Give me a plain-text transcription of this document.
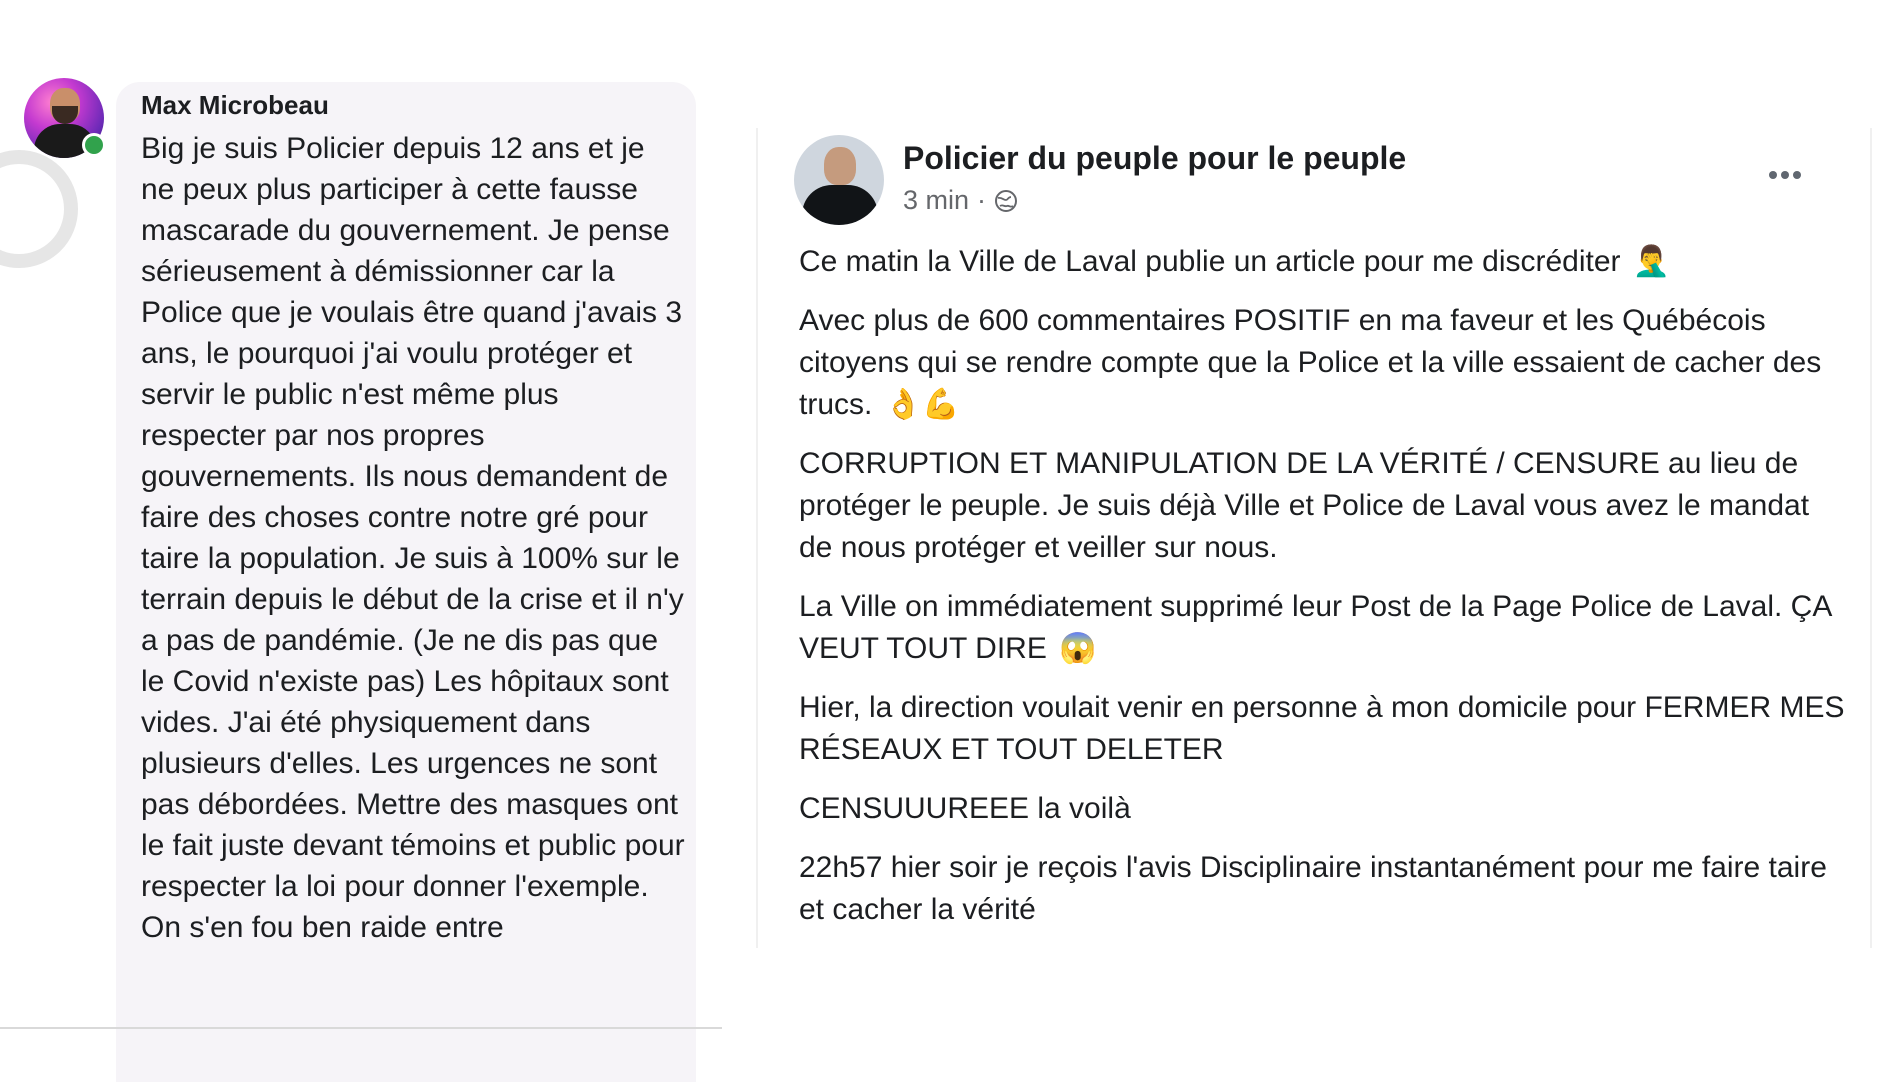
Max Microbeau
Big je suis Policier depuis 12 ans et je ne peux plus participer à cette fausse mascarade du gouvernement. Je pense sérieusement à démissionner car la Police que je voulais être quand j'avais 3 ans, le pourquoi j'ai voulu protéger et servir le public n'est même plus respecter par nos propres gouvernements. Ils nous demandent de faire des choses contre notre gré pour taire la population. Je suis à 100% sur le terrain depuis le début de la crise et il n'y a pas de pandémie. (Je ne dis pas que le Covid n'existe pas) Les hôpitaux sont vides. J'ai été physiquement dans plusieurs d'elles. Les urgences ne sont pas débordées. Mettre des masques ont le fait juste devant témoins et public pour respecter la loi pour donner l'exemple. On s'en fou ben raide entre
Policier du peuple pour le peuple
3 min ·

Ce matin la Ville de Laval publie un article pour me discréditer 🤦‍♂️

Avec plus de 600 commentaires POSITIF en ma faveur et les Québécois citoyens qui se rendre compte que la Police et la ville essaient de cacher des trucs. 👌💪

CORRUPTION ET MANIPULATION DE LA VÉRITÉ / CENSURE au lieu de protéger le peuple. Je suis déjà Ville et Police de Laval vous avez le mandat de nous protéger et veiller sur nous.

La Ville on immédiatement supprimé leur Post de la Page Police de Laval. ÇA VEUT TOUT DIRE 😱

Hier, la direction voulait venir en personne à mon domicile pour FERMER MES RÉSEAUX ET TOUT DELETER

CENSUUUREEE la voilà

22h57 hier soir je reçois l'avis Disciplinaire instantanément pour me faire taire et cacher la vérité
